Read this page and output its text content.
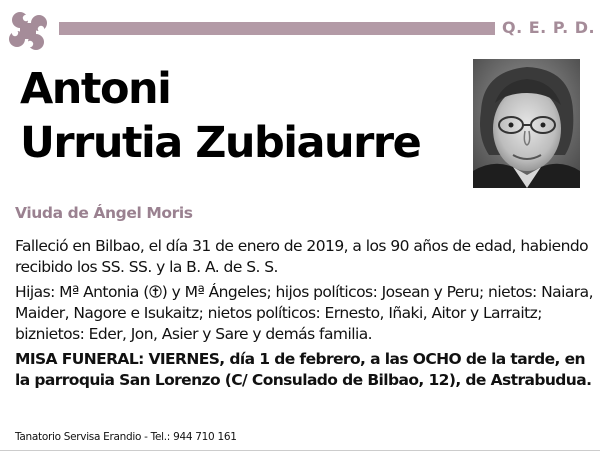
Q. E. P. D.
Antoni
Urrutia Zubiaurre
Viuda de Ángel Moris

Falleció en Bilbao, el día 31 de enero de 2019, a los 90 años de edad, habiendo recibido los SS. SS. y la B. A. de S. S.

Hijas: Mª Antonia ( ) y Mª Ángeles; hijos políticos: Josean y Peru; nietos: Naiara, Maider, Nagore e Isukaitz; nietos políticos: Ernesto, Iñaki, Aitor y Larraitz; biznietos: Eder, Jon, Asier y Sare y demás familia.

MISA FUNERAL: VIERNES, día 1 de febrero, a las OCHO de la tarde, en la parroquia San Lorenzo (C/ Consulado de Bilbao, 12), de Astrabudua.

Tanatorio Servisa Erandio - Tel.: 944 710 161
